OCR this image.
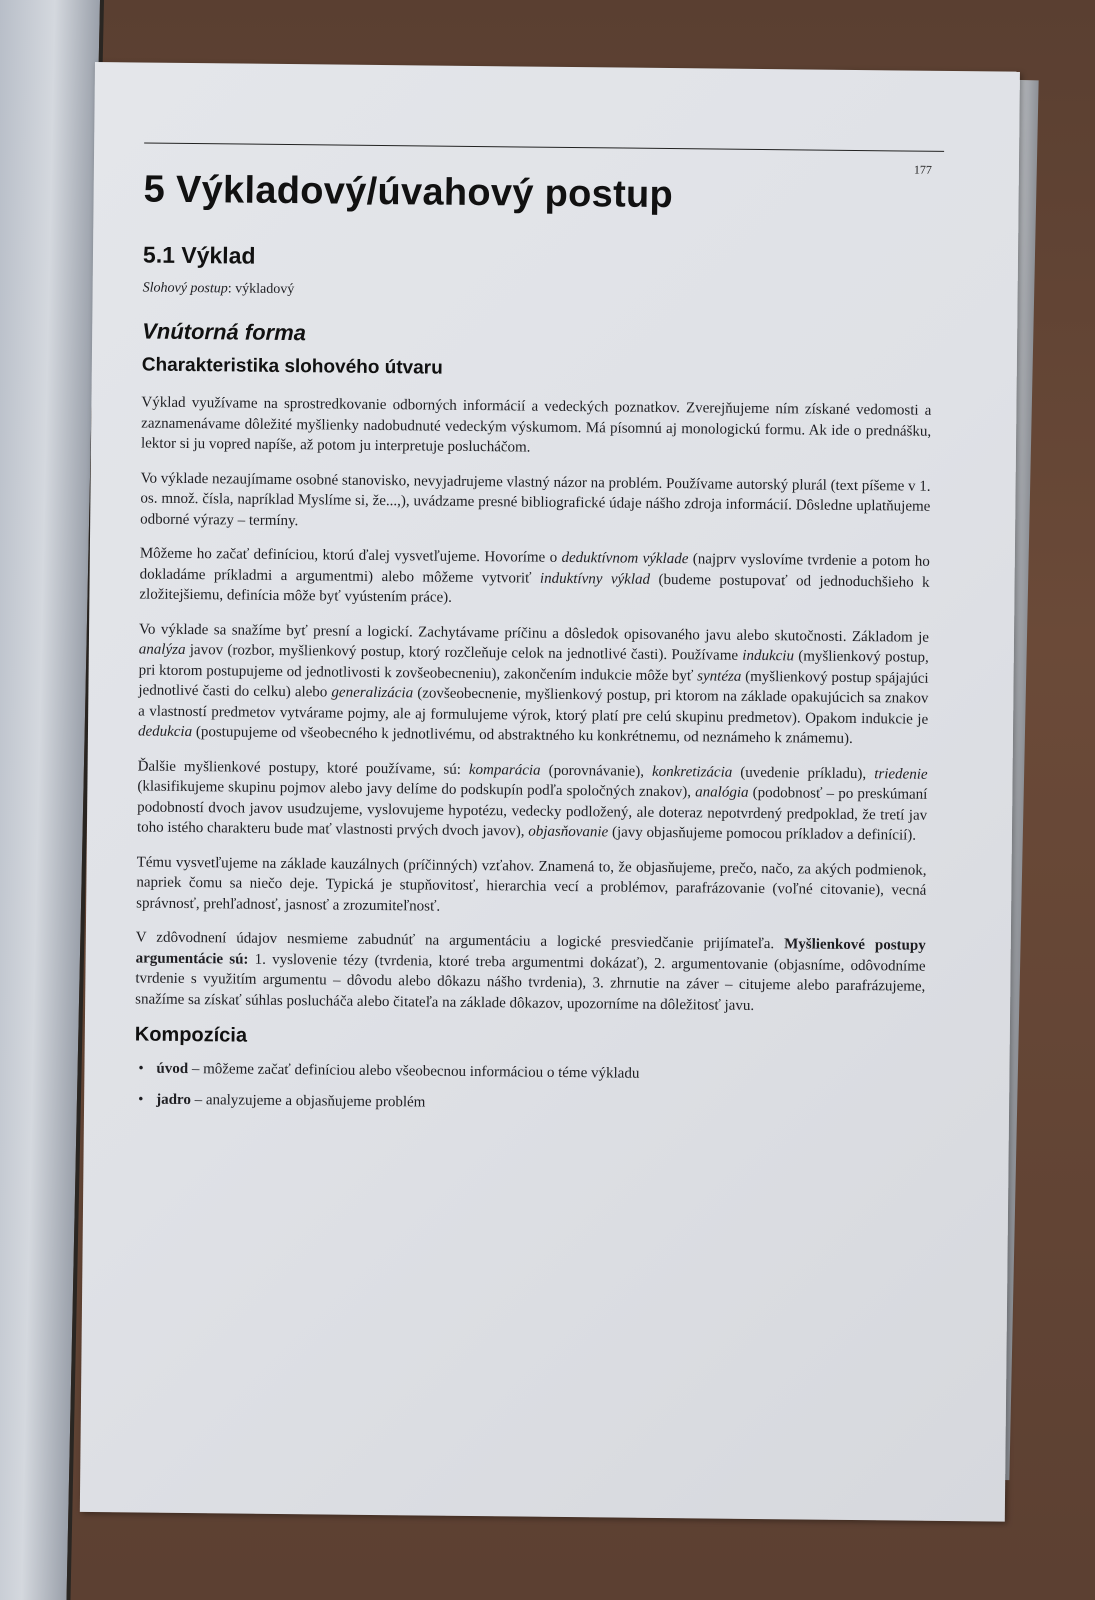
177
5 Výkladový/úvahový postup
5.1 Výklad
Slohový postup: výkladový
Vnútorná forma
Charakteristika slohového útvaru

Výklad využívame na sprostredkovanie odborných informácií a vedeckých poznatkov. Zverejňujeme ním získané vedomosti a zaznamenávame dôležité myšlienky nadobudnuté vedeckým výskumom. Má písomnú aj monologickú formu. Ak ide o prednášku, lektor si ju vopred napíše, až potom ju interpretuje poslucháčom.

Vo výklade nezaujímame osobné stanovisko, nevyjadrujeme vlastný názor na problém. Používame autorský plurál (text píšeme v 1. os. množ. čísla, napríklad Myslíme si, že...,), uvádzame presné bibliografické údaje nášho zdroja informácií. Dôsledne uplatňujeme odborné výrazy – termíny.

Môžeme ho začať definíciou, ktorú ďalej vysvetľujeme. Hovoríme o deduktívnom výklade (najprv vyslovíme tvrdenie a potom ho dokladáme príkladmi a argumentmi) alebo môžeme vytvoriť induktívny výklad (budeme postupovať od jednoduchšieho k zložitejšiemu, definícia môže byť vyústením práce).

Vo výklade sa snažíme byť presní a logickí. Zachytávame príčinu a dôsledok opisovaného javu alebo skutočnosti. Základom je analýza javov (rozbor, myšlienkový postup, ktorý rozčleňuje celok na jednotlivé časti). Používame indukciu (myšlienkový postup, pri ktorom postupujeme od jednotlivosti k zovšeobecneniu), zakončením indukcie môže byť syntéza (myšlienkový postup spájajúci jednotlivé časti do celku) alebo generalizácia (zovšeobecnenie, myšlienkový postup, pri ktorom na základe opakujúcich sa znakov a vlastností predmetov vytvárame pojmy, ale aj formulujeme výrok, ktorý platí pre celú skupinu predmetov). Opakom indukcie je dedukcia (postupujeme od všeobecného k jednotlivému, od abstraktného ku konkrétnemu, od neznámeho k známemu).

Ďalšie myšlienkové postupy, ktoré používame, sú: komparácia (porovnávanie), konkretizácia (uvedenie príkladu), triedenie (klasifikujeme skupinu pojmov alebo javy delíme do podskupín podľa spoločných znakov), analógia (podobnosť – po preskúmaní podobností dvoch javov usudzujeme, vyslovujeme hypotézu, vedecky podložený, ale doteraz nepotvrdený predpoklad, že tretí jav toho istého charakteru bude mať vlastnosti prvých dvoch javov), objasňovanie (javy objasňujeme pomocou príkladov a definícií).

Tému vysvetľujeme na základe kauzálnych (príčinných) vzťahov. Znamená to, že objasňujeme, prečo, načo, za akých podmienok, napriek čomu sa niečo deje. Typická je stupňovitosť, hierarchia vecí a problémov, parafrázovanie (voľné citovanie), vecná správnosť, prehľadnosť, jasnosť a zrozumiteľnosť.

V zdôvodnení údajov nesmieme zabudnúť na argumentáciu a logické presviedčanie prijímateľa. Myšlienkové postupy argumentácie sú: 1. vyslovenie tézy (tvrdenia, ktoré treba argumentmi dokázať), 2. argumentovanie (objasníme, odôvodníme tvrdenie s využitím argumentu – dôvodu alebo dôkazu nášho tvrdenia), 3. zhrnutie na záver – citujeme alebo parafrázujeme, snažíme sa získať súhlas poslucháča alebo čitateľa na základe dôkazov, upozorníme na dôležitosť javu.

Kompozícia
• úvod – môžeme začať definíciou alebo všeobecnou informáciou o téme výkladu
• jadro – analyzujeme a objasňujeme problém
